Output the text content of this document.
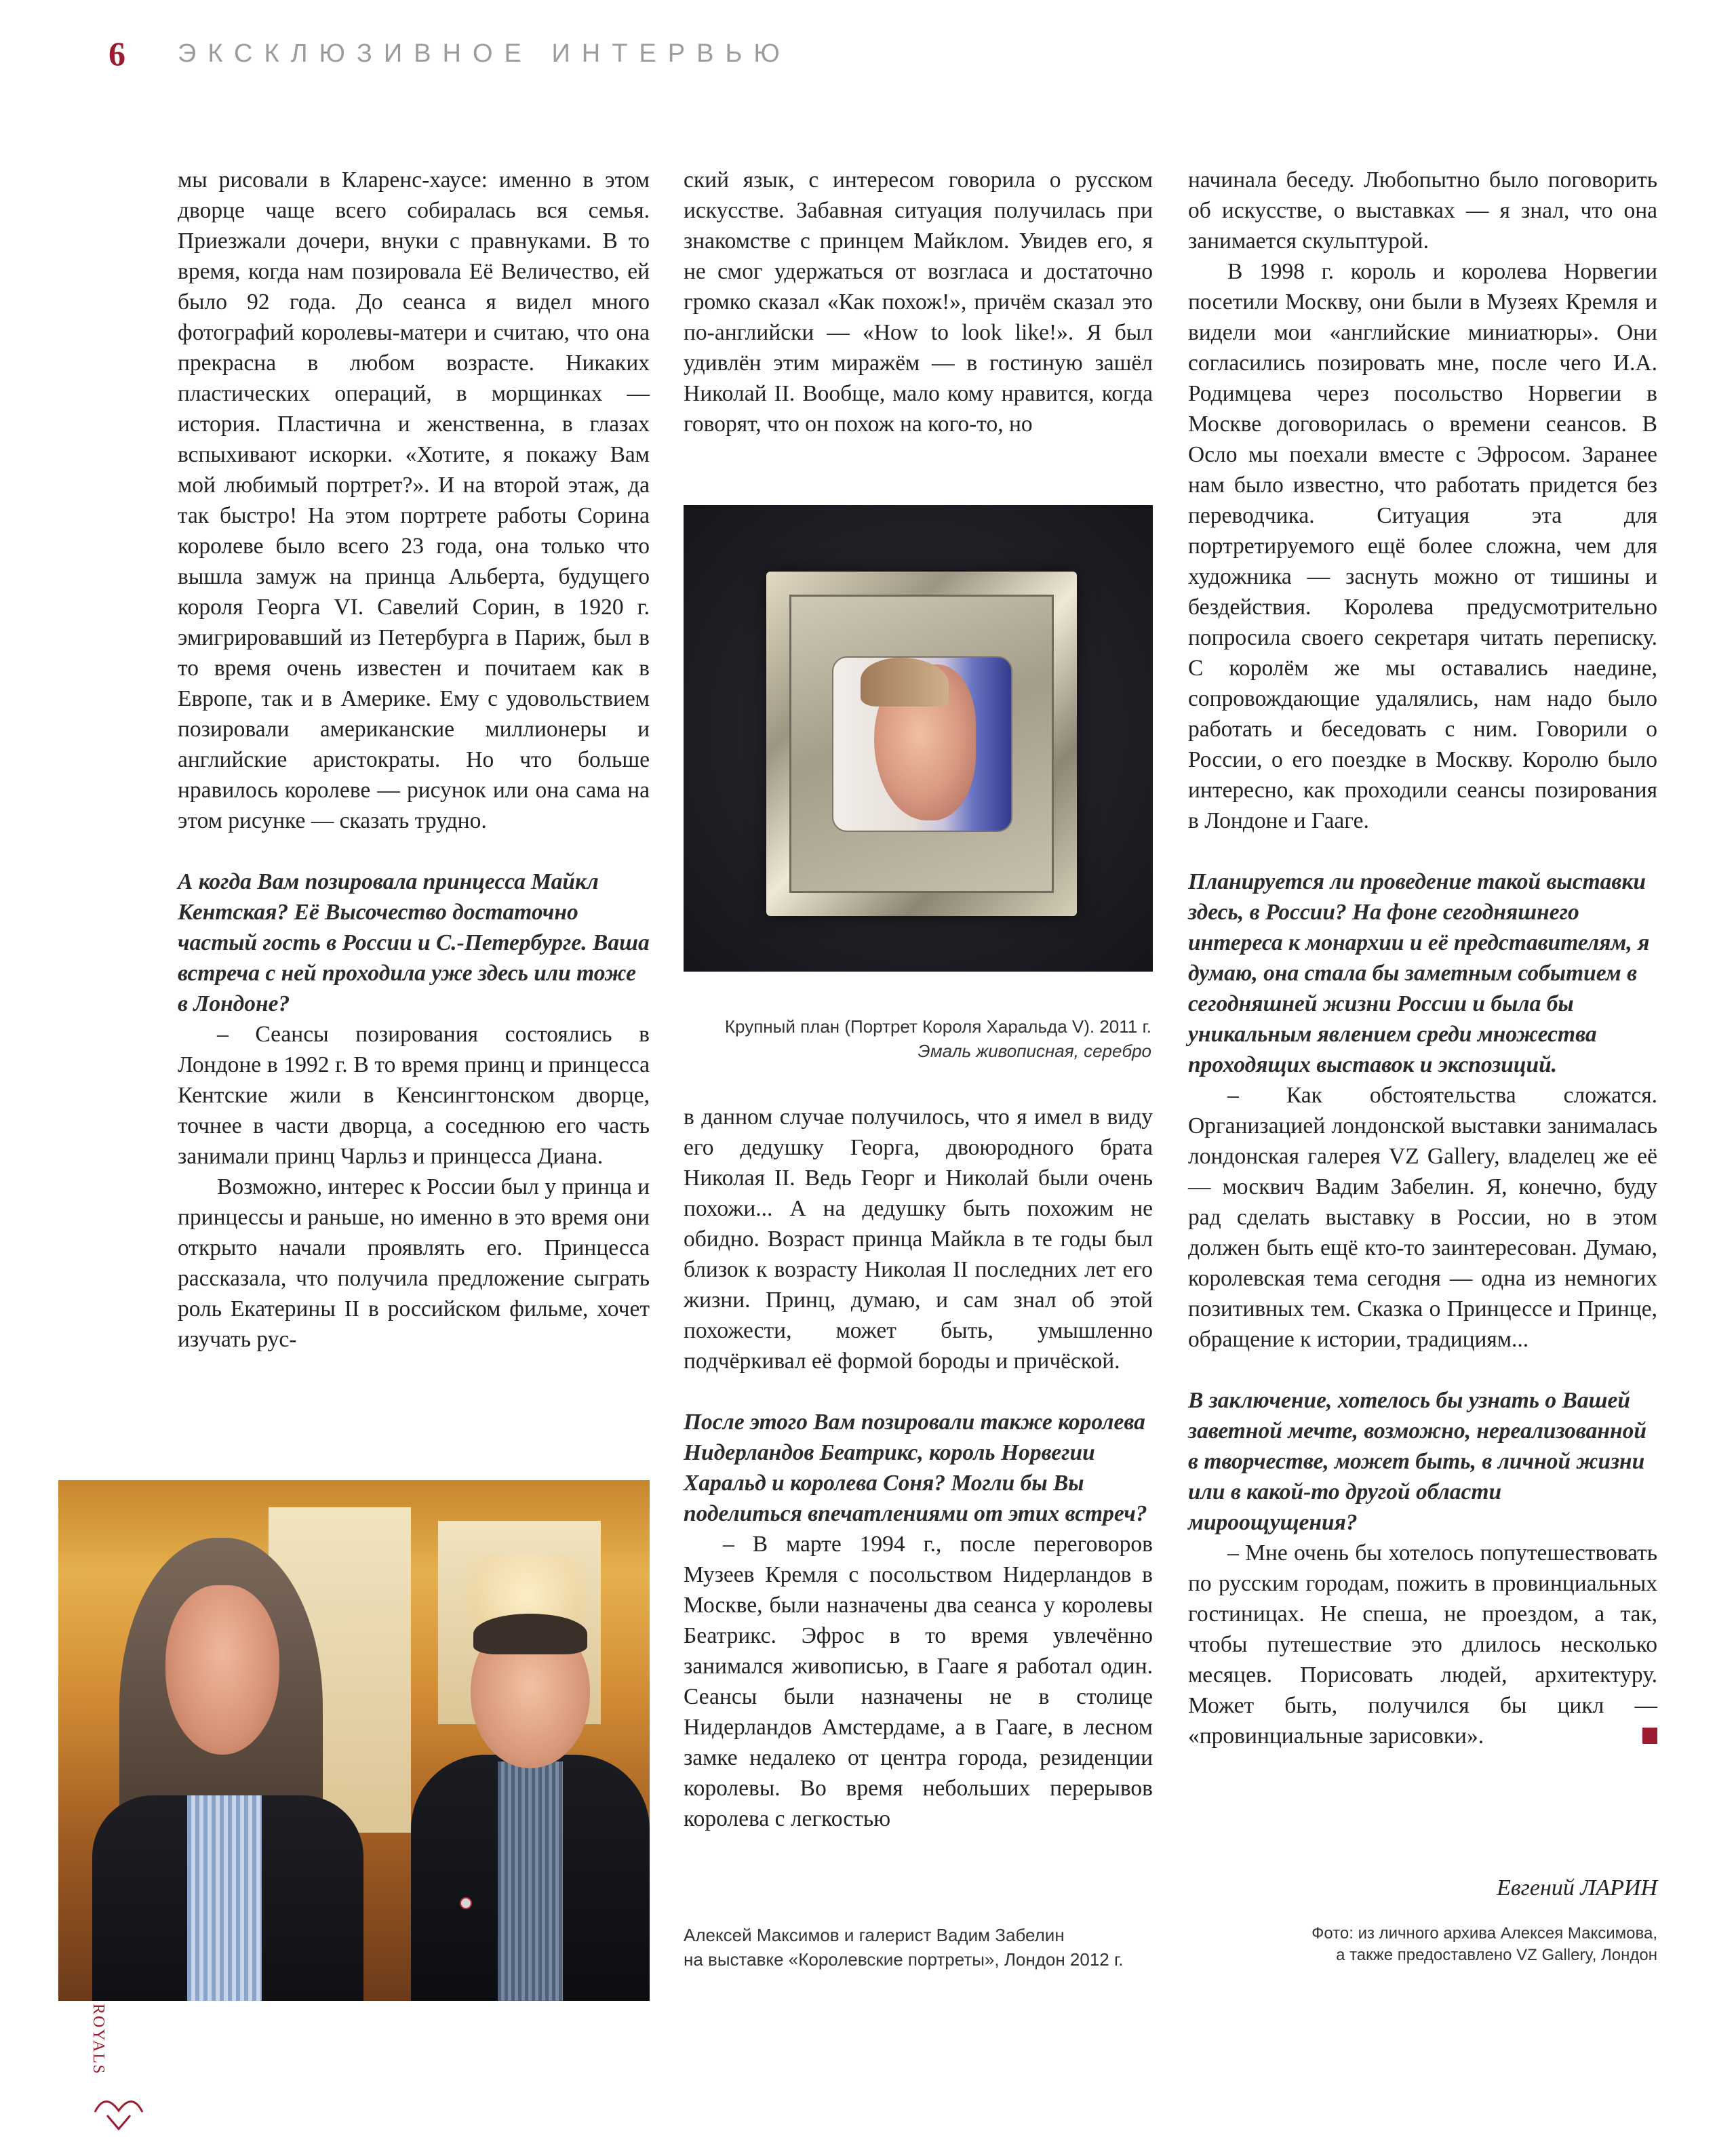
6 ЭКСКЛЮЗИВНОЕ ИНТЕРВЬЮ

мы рисовали в Кларенс-хаусе: именно в этом дворце чаще всего собиралась вся семья. Приезжали дочери, внуки с правнуками. В то время, когда нам позировала Её Величество, ей было 92 года. До сеанса я видел много фотографий королевы-матери и считаю, что она прекрасна в любом возрасте. Никаких пластических операций, в морщинках — история. Пластична и женственна, в глазах вспыхивают искорки. «Хотите, я покажу Вам мой любимый портрет?». И на второй этаж, да так быстро! На этом портрете работы Сорина королеве было всего 23 года, она только что вышла замуж на принца Альберта, будущего короля Георга VI. Савелий Сорин, в 1920 г. эмигрировавший из Петербурга в Париж, был в то время очень известен и почитаем как в Европе, так и в Америке. Ему с удовольствием позировали американские миллионеры и английские аристократы. Но что больше нравилось королеве — рисунок или она сама на этом рисунке — сказать трудно.

А когда Вам позировала принцесса Майкл Кентская? Её Высочество достаточно частый гость в России и С.-Петербурге. Ваша встреча с ней проходила уже здесь или тоже в Лондоне?

– Сеансы позирования состоялись в Лондоне в 1992 г. В то время принц и принцесса Кентские жили в Кенсингтонском дворце, точнее в части дворца, а соседнюю его часть занимали принц Чарльз и принцесса Диана.

Возможно, интерес к России был у принца и принцессы и раньше, но именно в это время они открыто начали проявлять его. Принцесса рассказала, что получила предложение сыграть роль Екатерины II в российском фильме, хочет изучать рус-

ский язык, с интересом говорила о русском искусстве. Забавная ситуация получилась при знакомстве с принцем Майклом. Увидев его, я не смог удержаться от возгласа и достаточно громко сказал «Как похож!», причём сказал это по-английски — «How to look like!». Я был удивлён этим миражём — в гостиную зашёл Николай II. Вообще, мало кому нравится, когда говорят, что он похож на кого-то, но

Крупный план (Портрет Короля Харальда V). 2011 г.
Эмаль живописная, серебро

в данном случае получилось, что я имел в виду его дедушку Георга, двоюродного брата Николая II. Ведь Георг и Николай были очень похожи... А на дедушку быть похожим не обидно. Возраст принца Майкла в те годы был близок к возрасту Николая II последних лет его жизни. Принц, думаю, и сам знал об этой похожести, может быть, умышленно подчёркивал её формой бороды и причёской.

После этого Вам позировали также королева Нидерландов Беатрикс, король Норвегии Харальд и королева Соня? Могли бы Вы поделиться впечатлениями от этих встреч?

– В марте 1994 г., после переговоров Музеев Кремля с посольством Нидерландов в Москве, были назначены два сеанса у королевы Беатрикс. Эфрос в то время увлечённо занимался живописью, в Гааге я работал один. Сеансы были назначены не в столице Нидерландов Амстердаме, а в Гааге, в лесном замке недалеко от центра города, резиденции королевы. Во время небольших перерывов королева с легкостью

начинала беседу. Любопытно было поговорить об искусстве, о выставках — я знал, что она занимается скульптурой.

В 1998 г. король и королева Норвегии посетили Москву, они были в Музеях Кремля и видели мои «английские миниатюры». Они согласились позировать мне, после чего И.А. Родимцева через посольство Норвегии в Москве договорилась о времени сеансов. В Осло мы поехали вместе с Эфросом. Заранее нам было известно, что работать придется без переводчика. Ситуация эта для портретируемого ещё более сложна, чем для художника — заснуть можно от тишины и бездействия. Королева предусмотрительно попросила своего секретаря читать переписку. С королём же мы оставались наедине, сопровождающие удалялись, нам надо было работать и беседовать с ним. Говорили о России, о его поездке в Москву. Королю было интересно, как проходили сеансы позирования в Лондоне и Гааге.

Планируется ли проведение такой выставки здесь, в России? На фоне сегодняшнего интереса к монархии и её представителям, я думаю, она стала бы заметным событием в сегодняшней жизни России и была бы уникальным явлением среди множества проходящих выставок и экспозиций.

– Как обстоятельства сложатся. Организацией лондонской выставки занималась лондонская галерея VZ Gallery, владелец же её — москвич Вадим Забелин. Я, конечно, буду рад сделать выставку в России, но в этом должен быть ещё кто-то заинтересован. Думаю, королевская тема сегодня — одна из немногих позитивных тем. Сказка о Принцессе и Принце, обращение к истории, традициям...

В заключение, хотелось бы узнать о Вашей заветной мечте, возможно, нереализованной в творчестве, может быть, в личной жизни или в какой-то другой области мироощущения?

– Мне очень бы хотелось попутешествовать по русским городам, пожить в провинциальных гостиницах. Не спеша, не проездом, а так, чтобы путешествие это длилось несколько месяцев. Порисовать людей, архитектуру. Может быть, получился бы цикл — «провинциальные зарисовки».	R

Алексей Максимов и галерист Вадим Забелин
на выставке «Королевские портреты», Лондон 2012 г.
Евгений ЛАРИН
Фото: из личного архива Алексея Максимова,
а также предоставлено VZ Gallery, Лондон
ROYALS
